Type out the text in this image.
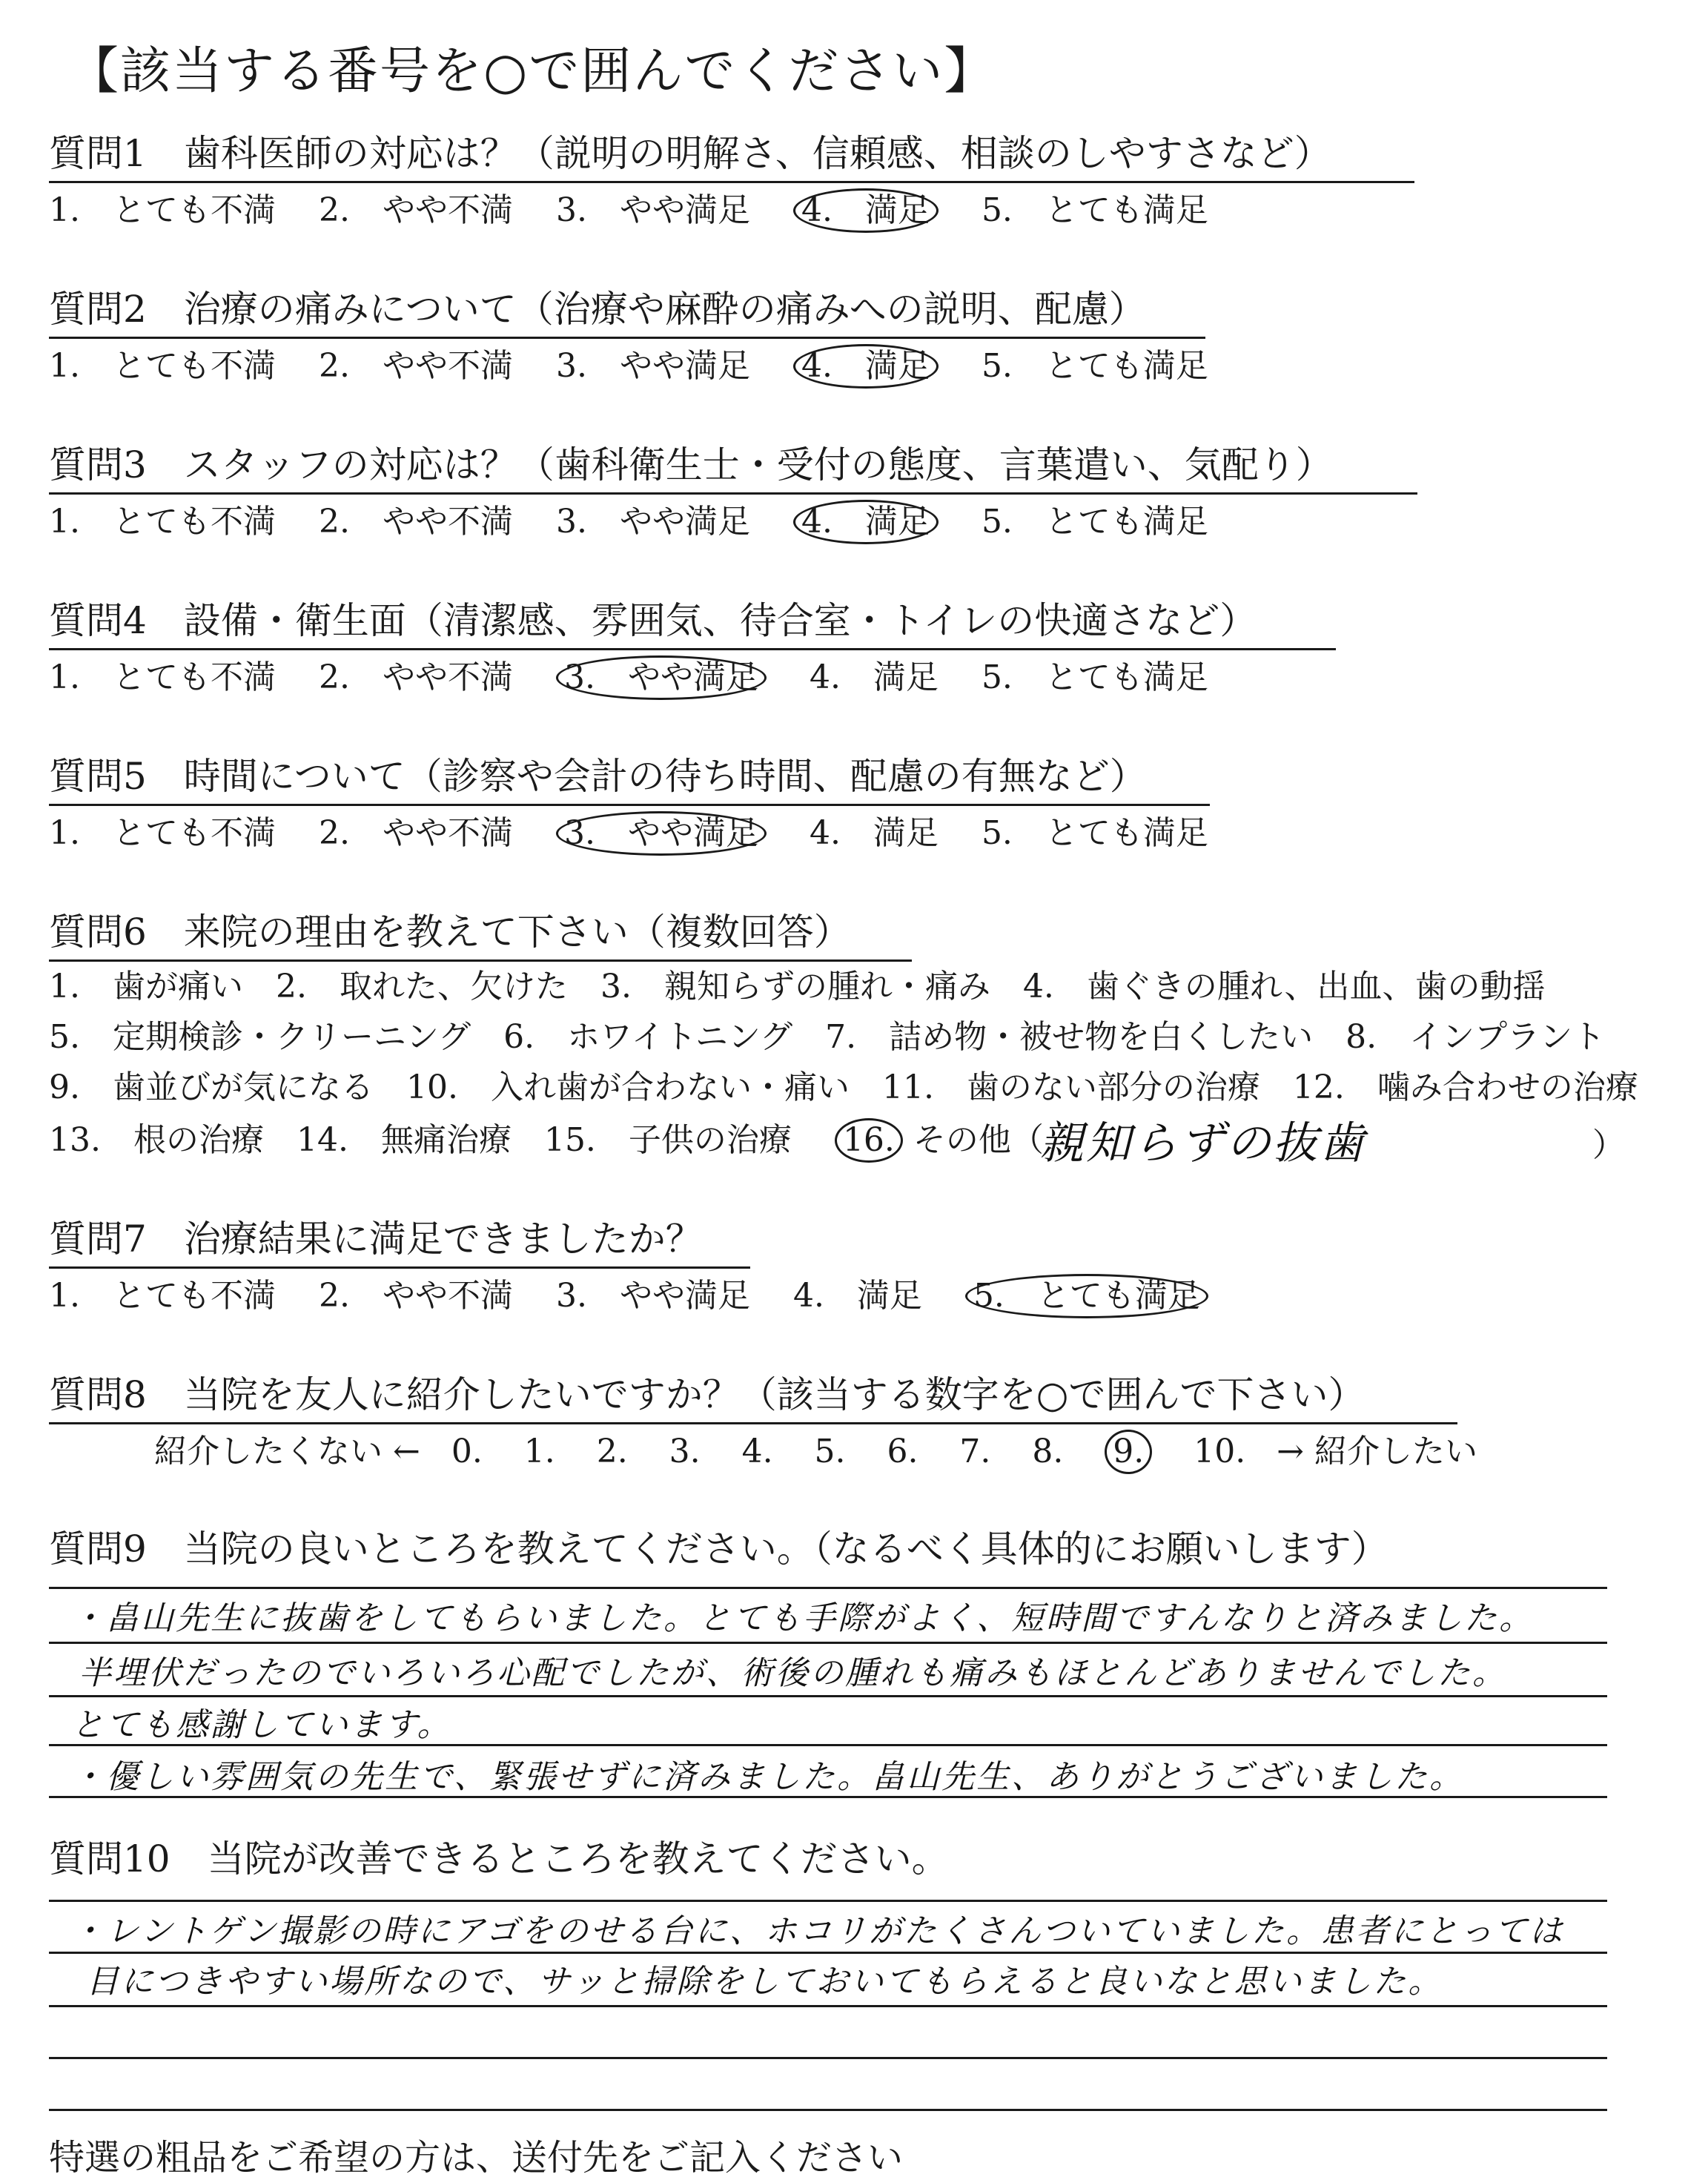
【該当する番号を○で囲んでください】
質問1　歯科医師の対応は？（説明の明解さ、信頼感、相談のしやすさなど）
1.　とても不満　 2.　やや不満　 3.　やや満足　 4.　満足　 5.　とても満足
質問2　治療の痛みについて（治療や麻酔の痛みへの説明、配慮）
1.　とても不満　 2.　やや不満　 3.　やや満足　 4.　満足　 5.　とても満足
質問3　スタッフの対応は？（歯科衛生士・受付の態度、言葉遣い、気配り）
1.　とても不満　 2.　やや不満　 3.　やや満足　 4.　満足　 5.　とても満足
質問4　設備・衛生面（清潔感、雰囲気、待合室・トイレの快適さなど）
1.　とても不満　 2.　やや不満　 3.　やや満足　 4.　満足　 5.　とても満足
質問5　時間について（診察や会計の待ち時間、配慮の有無など）
1.　とても不満　 2.　やや不満　 3.　やや満足　 4.　満足　 5.　とても満足
質問6　来院の理由を教えて下さい（複数回答）
1.　歯が痛い　2.　取れた、欠けた　3.　親知らずの腫れ・痛み　4.　歯ぐきの腫れ、出血、歯の動揺
5.　定期検診・クリーニング　6.　ホワイトニング　7.　詰め物・被せ物を白くしたい　8.　インプラント
9.　歯並びが気になる　10.　入れ歯が合わない・痛い　11.　歯のない部分の治療　12.　噛み合わせの治療
13.　根の治療　14.　無痛治療　15.　子供の治療　 16. その他（
親知らずの抜歯	）
質問7　治療結果に満足できましたか？
1.　とても不満　 2.　やや不満　 3.　やや満足　 4.　満足　 5.　とても満足
質問8　当院を友人に紹介したいですか？（該当する数字を○で囲んで下さい）
紹介したくない ← 0. 1. 2. 3. 4. 5. 6. 7. 8. 9. 10. → 紹介したい
質問9　当院の良いところを教えてください。（なるべく具体的にお願いします）
・畠山先生に抜歯をしてもらいました。とても手際がよく、短時間ですんなりと済みました。
半埋伏だったのでいろいろ心配でしたが、術後の腫れも痛みもほとんどありませんでした。
とても感謝しています。
・優しい雰囲気の先生で、緊張せずに済みました。畠山先生、ありがとうございました。
質問10　当院が改善できるところを教えてください。
・レントゲン撮影の時にアゴをのせる台に、ホコリがたくさんついていました。患者にとっては
目につきやすい場所なので、サッと掃除をしておいてもらえると良いなと思いました。
特選の粗品をご希望の方は、送付先をご記入ください
